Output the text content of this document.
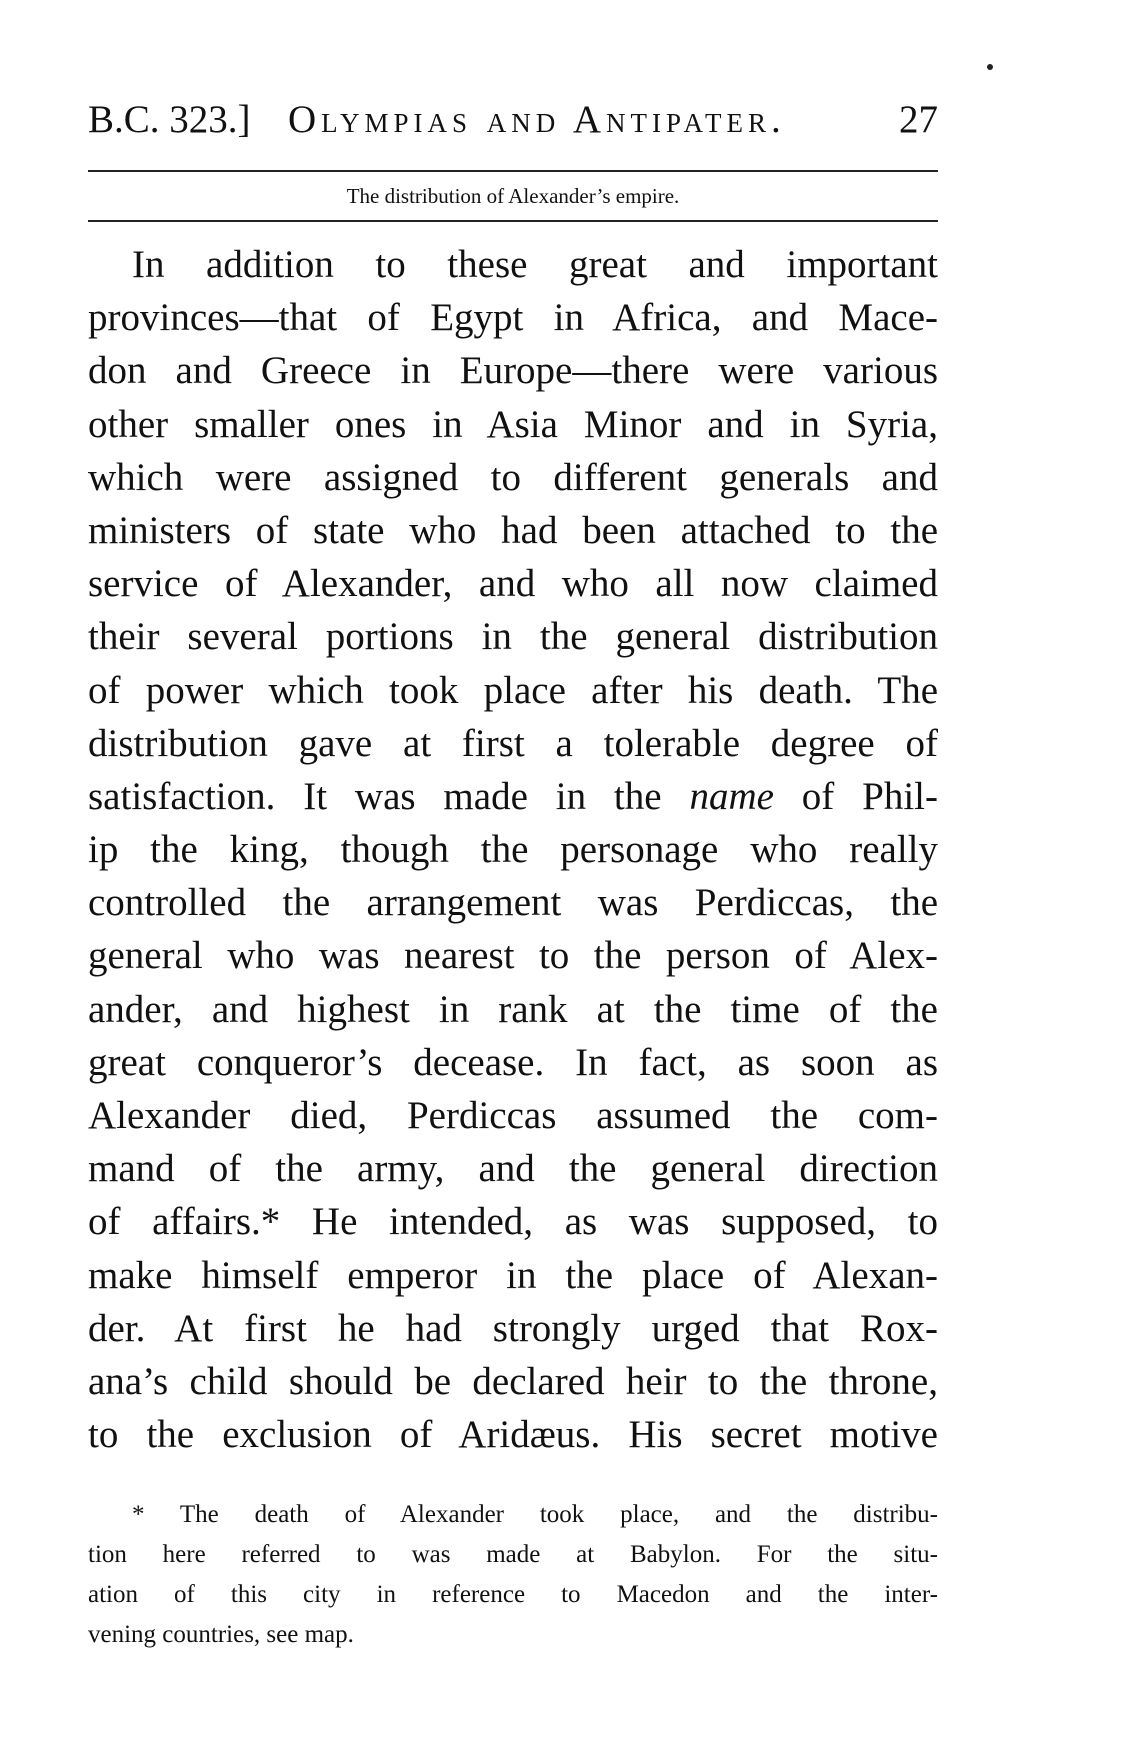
B.C. 323.] Olympias and Antipater.	27
The distribution of Alexander’s empire.
In addition to these great and important
provinces—that of Egypt in Africa, and Mace-
don and Greece in Europe—there were various
other smaller ones in Asia Minor and in Syria,
which were assigned to different generals and
ministers of state who had been attached to the
service of Alexander, and who all now claimed
their several portions in the general distribution
of power which took place after his death. The
distribution gave at first a tolerable degree of
satisfaction. It was made in the name of Phil-
ip the king, though the personage who really
controlled the arrangement was Perdiccas, the
general who was nearest to the person of Alex-
ander, and highest in rank at the time of the
great conqueror’s decease. In fact, as soon as
Alexander died, Perdiccas assumed the com-
mand of the army, and the general direction
of affairs.* He intended, as was supposed, to
make himself emperor in the place of Alexan-
der. At first he had strongly urged that Rox-
ana’s child should be declared heir to the throne,
to the exclusion of Aridæus. His secret motive
* The death of Alexander took place, and the distribu-
tion here referred to was made at Babylon. For the situ-
ation of this city in reference to Macedon and the inter-
vening countries, see map.
